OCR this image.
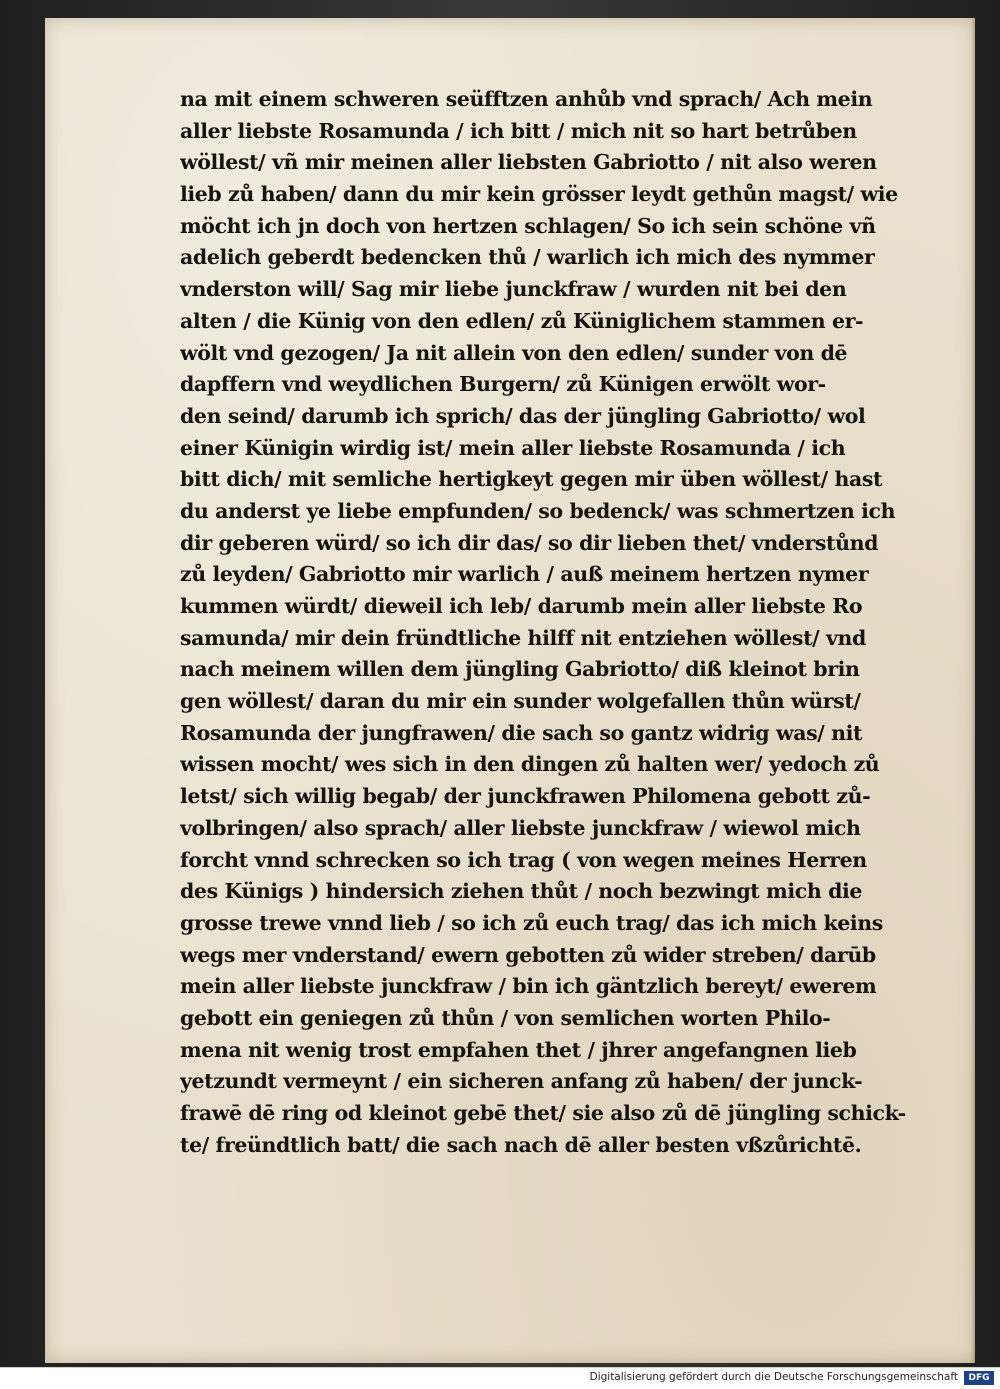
na mit einem schweren seüfftzen anhůb vnd sprach/ Ach mein
aller liebste Rosamunda / ich bitt / mich nit so hart betrůben
wöllest/ vñ mir meinen aller liebsten Gabriotto / nit also weren
lieb zů haben/ dann du mir kein grösser leydt gethůn magst/ wie
möcht ich jn doch von hertzen schlagen/ So ich sein schöne vñ
adelich geberdt bedencken thů / warlich ich mich des nymmer
vnderston will/ Sag mir liebe junckfraw / wurden nit bei den
alten / die Künig von den edlen/ zů Küniglichem stammen er-
wölt vnd gezogen/ Ja nit allein von den edlen/ sunder von dē
dapffern vnd weydlichen Burgern/ zů Künigen erwölt wor-
den seind/ darumb ich sprich/ das der jüngling Gabriotto/ wol
einer Künigin wirdig ist/ mein aller liebste Rosamunda / ich
bitt dich/ mit semliche hertigkeyt gegen mir üben wöllest/ hast
du anderst ye liebe empfunden/ so bedenck/ was schmertzen ich
dir geberen würd/ so ich dir das/ so dir lieben thet/ vnderstůnd
zů leyden/ Gabriotto mir warlich / auß meinem hertzen nymer
kummen würdt/ dieweil ich leb/ darumb mein aller liebste Ro
samunda/ mir dein fründtliche hilff nit entziehen wöllest/ vnd
nach meinem willen dem jüngling Gabriotto/ diß kleinot brin
gen wöllest/ daran du mir ein sunder wolgefallen thůn würst/
Rosamunda der jungfrawen/ die sach so gantz widrig was/ nit
wissen mocht/ wes sich in den dingen zů halten wer/ yedoch zů
letst/ sich willig begab/ der junckfrawen Philomena gebott zů-
volbringen/ also sprach/ aller liebste junckfraw / wiewol mich
forcht vnnd schrecken so ich trag ( von wegen meines Herren
des Künigs ) hindersich ziehen thůt / noch bezwingt mich die
grosse trewe vnnd lieb / so ich zů euch trag/ das ich mich keins
wegs mer vnderstand/ ewern gebotten zů wider streben/ darūb
mein aller liebste junckfraw / bin ich gäntzlich bereyt/ ewerem
gebott ein geniegen zů thůn / von semlichen worten Philo-
mena nit wenig trost empfahen thet / jhrer angefangnen lieb
yetzundt vermeynt / ein sicheren anfang zů haben/ der junck-
frawē dē ring od kleinot gebē thet/ sie also zů dē jüngling schick-
te/ freündtlich batt/ die sach nach dē aller besten vßzůrichtē.
Digitalisierung gefördert durch die Deutsche Forschungsgemeinschaft	DFG
